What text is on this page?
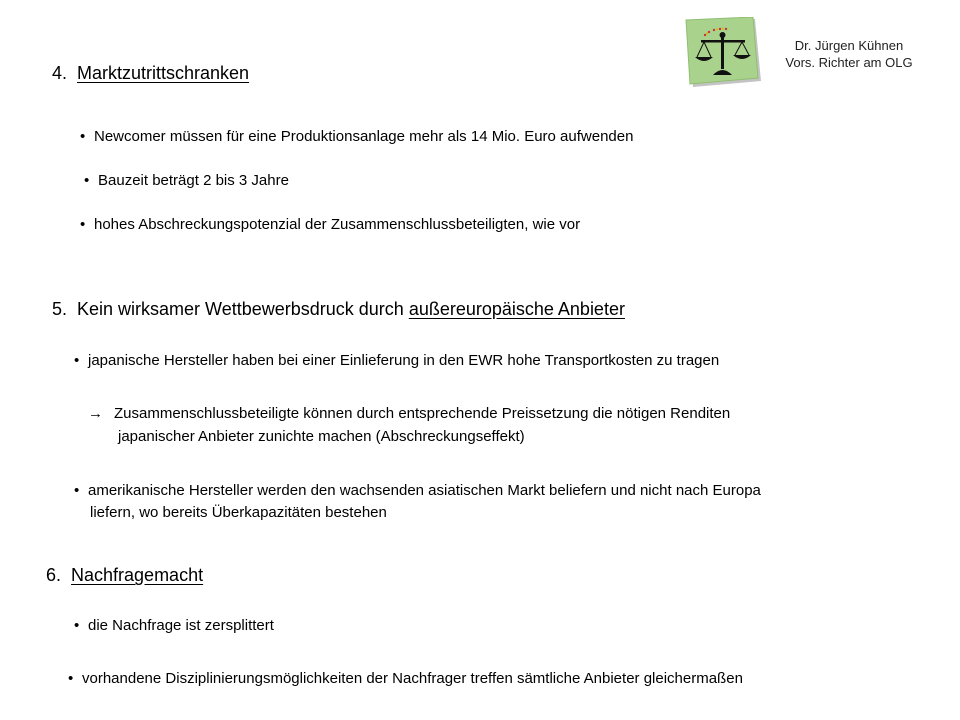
Dr. Jürgen Kühnen
Vors. Richter am OLG
4. Marktzutrittschranken
• Newcomer müssen für eine Produktionsanlage mehr als 14 Mio. Euro aufwenden
• Bauzeit beträgt 2 bis 3 Jahre
• hohes Abschreckungspotenzial der Zusammenschlussbeteiligten, wie vor
5. Kein wirksamer Wettbewerbsdruck durch außereuropäische Anbieter
• japanische Hersteller haben bei einer Einlieferung in den EWR hohe Transportkosten zu tragen
→ Zusammenschlussbeteiligte können durch entsprechende Preissetzung die nötigen Renditen
japanischer Anbieter zunichte machen (Abschreckungseffekt)
• amerikanische Hersteller werden den wachsenden asiatischen Markt beliefern und nicht nach Europa
liefern, wo bereits Überkapazitäten bestehen
6. Nachfragemacht
• die Nachfrage ist zersplittert
• vorhandene Disziplinierungsmöglichkeiten der Nachfrager treffen sämtliche Anbieter gleichermaßen
